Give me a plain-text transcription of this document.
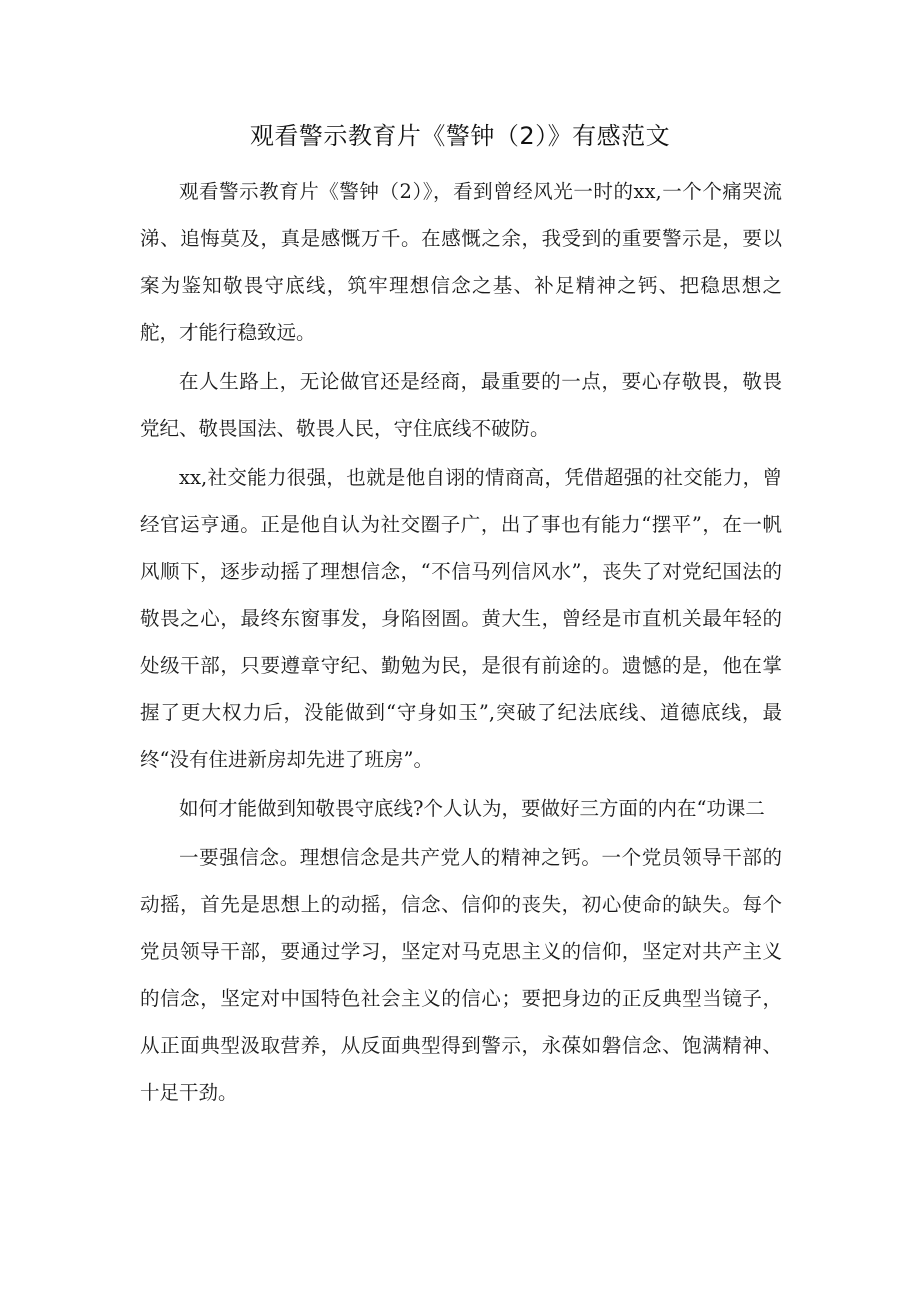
观看警示教育片《警钟（2）》有感范文

观看警示教育片《警钟（2）》，看到曾经风光一时的xx,一个个痛哭流涕、追悔莫及，真是感慨万千。在感慨之余，我受到的重要警示是，要以案为鉴知敬畏守底线，筑牢理想信念之基、补足精神之钙、把稳思想之舵，才能行稳致远。

在人生路上，无论做官还是经商，最重要的一点，要心存敬畏，敬畏党纪、敬畏国法、敬畏人民，守住底线不破防。

xx,社交能力很强，也就是他自诩的情商高，凭借超强的社交能力，曾经官运亨通。正是他自认为社交圈子广，出了事也有能力“摆平”，在一帆风顺下，逐步动摇了理想信念，“不信马列信风水”，丧失了对党纪国法的敬畏之心，最终东窗事发，身陷囹圄。黄大生，曾经是市直机关最年轻的处级干部，只要遵章守纪、勤勉为民，是很有前途的。遗憾的是，他在掌握了更大权力后，没能做到“守身如玉”,突破了纪法底线、道德底线，最终“没有住进新房却先进了班房”。

如何才能做到知敬畏守底线?个人认为，要做好三方面的内在“功课二

一要强信念。理想信念是共产党人的精神之钙。一个党员领导干部的动摇，首先是思想上的动摇，信念、信仰的丧失，初心使命的缺失。每个党员领导干部，要通过学习，坚定对马克思主义的信仰，坚定对共产主义的信念，坚定对中国特色社会主义的信心；要把身边的正反典型当镜子，从正面典型汲取营养，从反面典型得到警示，永葆如磐信念、饱满精神、十足干劲。
